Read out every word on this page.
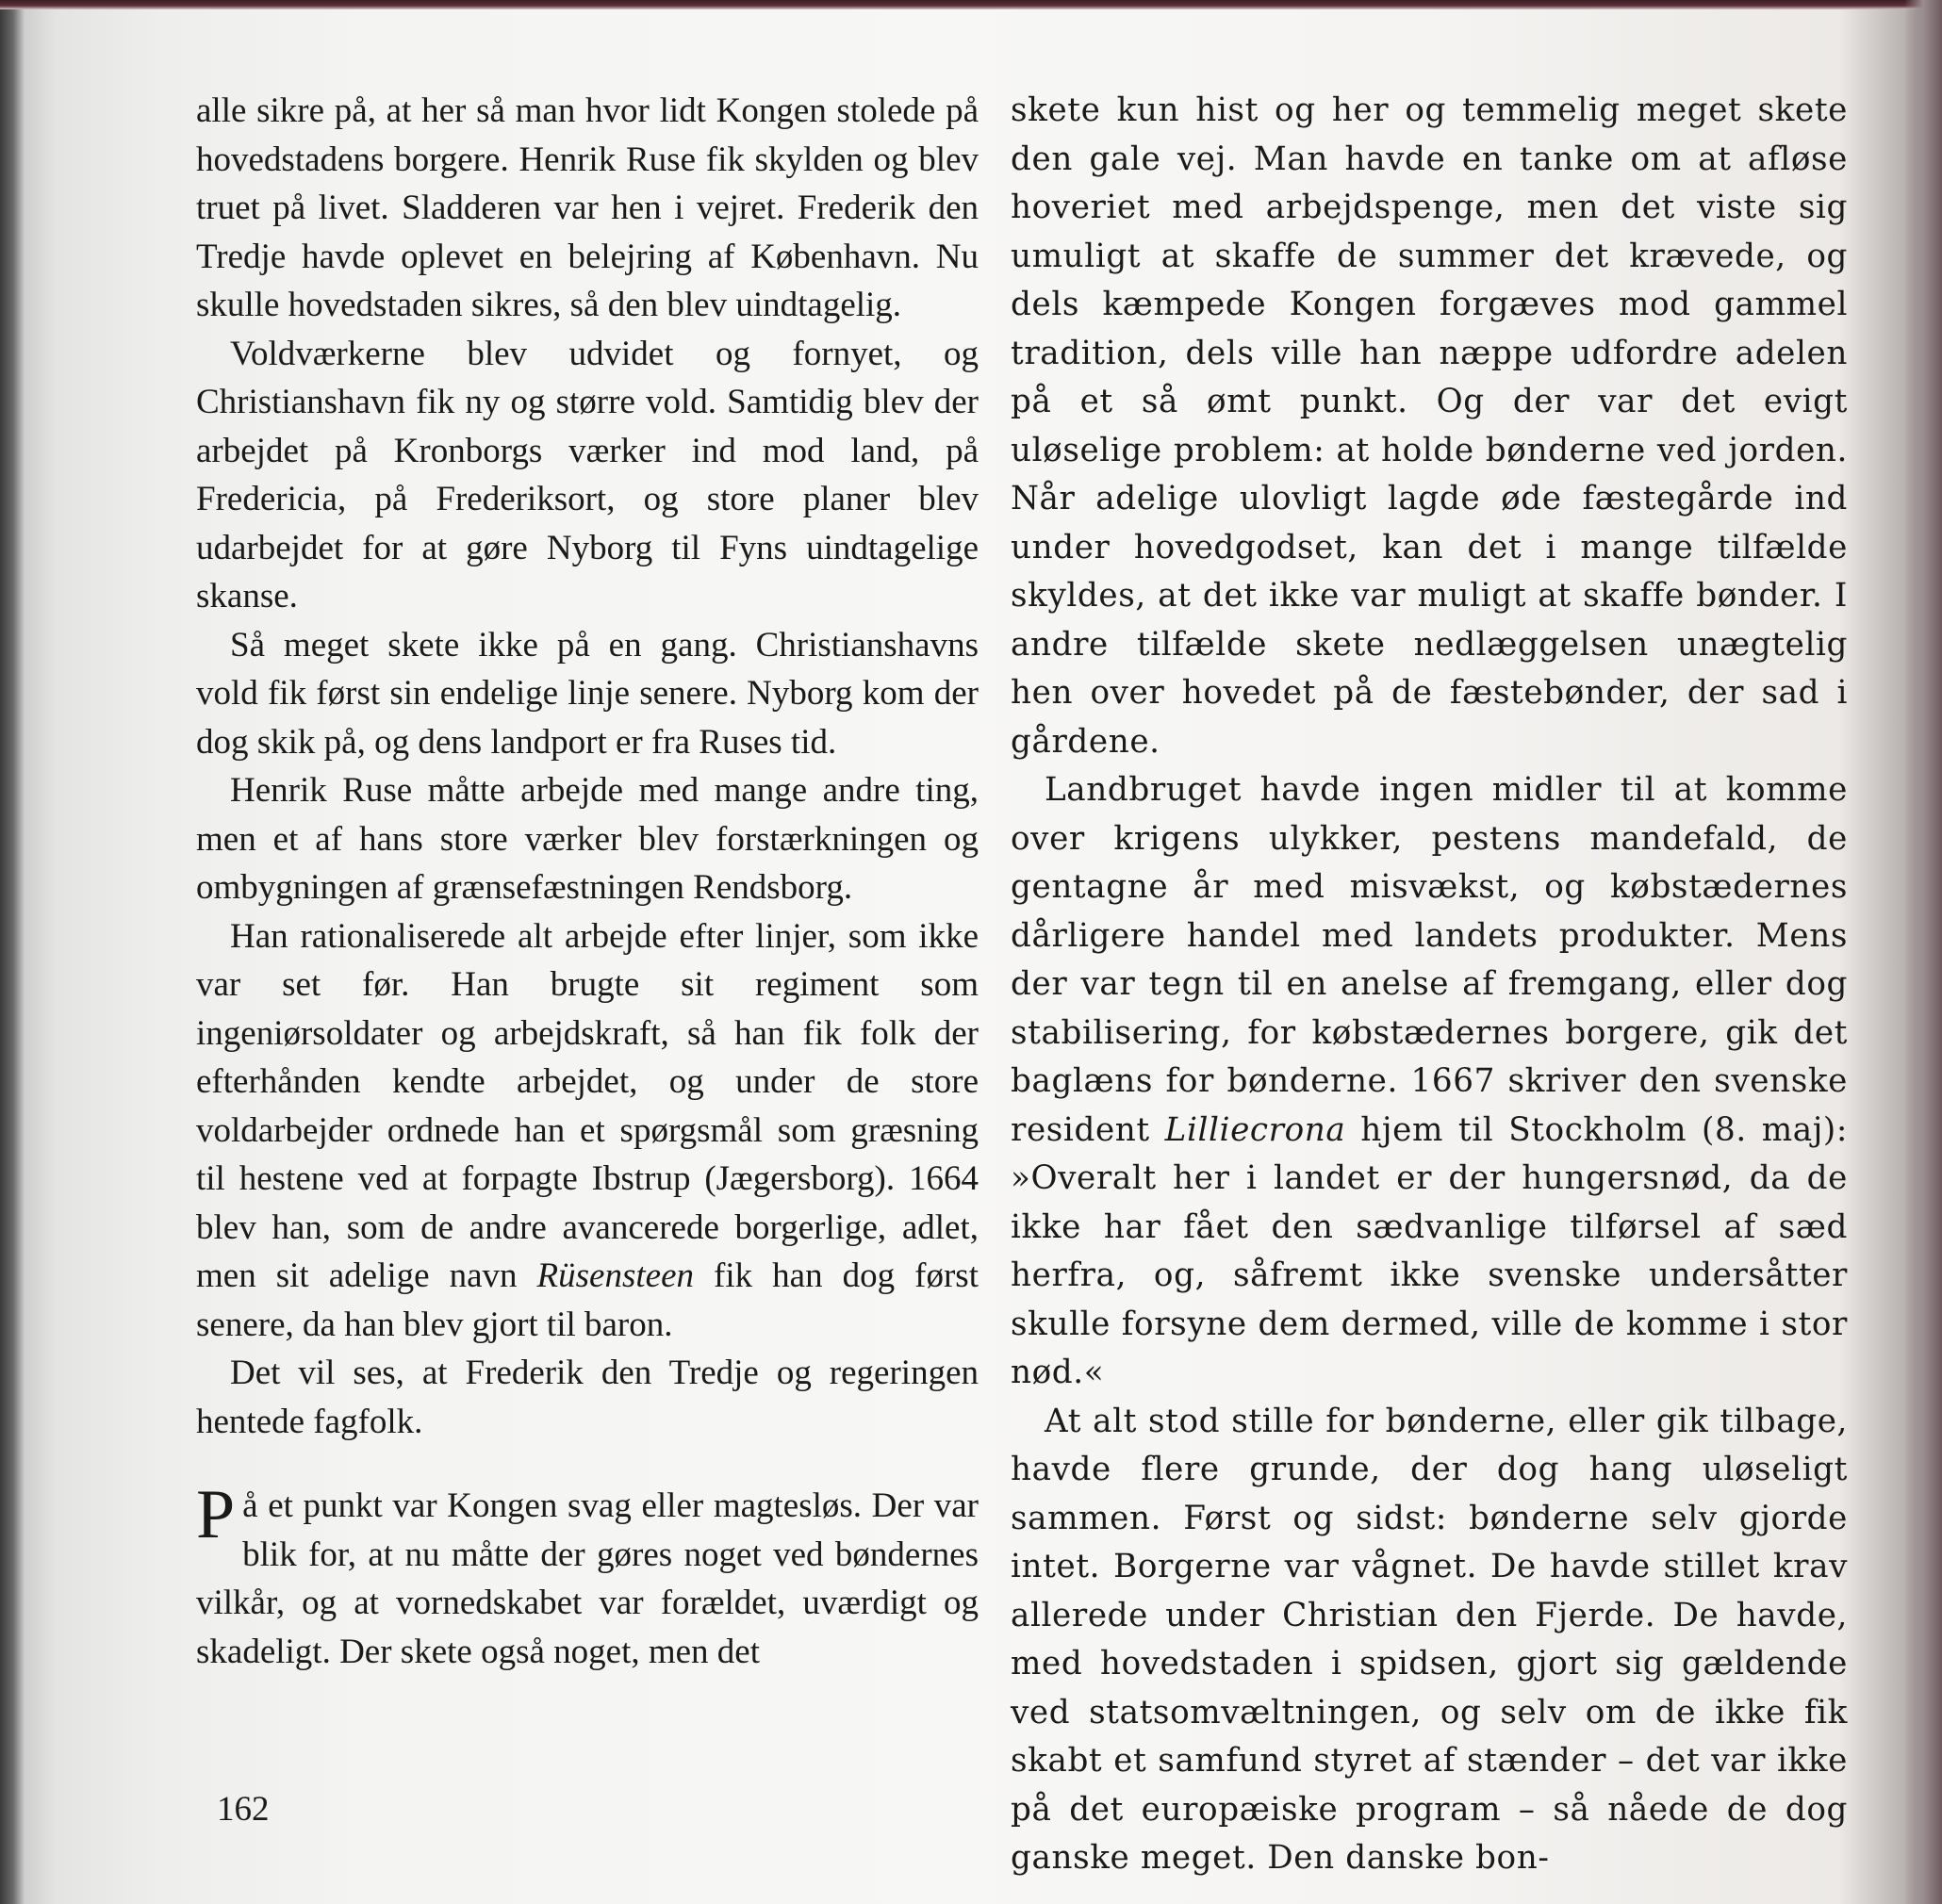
alle sikre på, at her så man hvor lidt Kongen stolede på hovedstadens borgere. Henrik Ruse fik skylden og blev truet på livet. Sladderen var hen i vejret. Frederik den Tredje havde oplevet en belejring af København. Nu skulle hovedstaden sikres, så den blev uindtagelig.

Voldværkerne blev udvidet og fornyet, og Christianshavn fik ny og større vold. Samtidig blev der arbejdet på Kronborgs værker ind mod land, på Fredericia, på Frederiksort, og store planer blev udarbejdet for at gøre Nyborg til Fyns uindtagelige skanse.

Så meget skete ikke på en gang. Christianshavns vold fik først sin endelige linje senere. Nyborg kom der dog skik på, og dens landport er fra Ruses tid.

Henrik Ruse måtte arbejde med mange andre ting, men et af hans store værker blev forstærkningen og ombygningen af grænsefæstningen Rendsborg.

Han rationaliserede alt arbejde efter linjer, som ikke var set før. Han brugte sit regiment som ingeniørsoldater og arbejdskraft, så han fik folk der efterhånden kendte arbejdet, og under de store voldarbejder ordnede han et spørgsmål som græsning til hestene ved at forpagte Ibstrup (Jægersborg). 1664 blev han, som de andre avancerede borgerlige, adlet, men sit adelige navn Rüsensteen fik han dog først senere, da han blev gjort til baron.

Det vil ses, at Frederik den Tredje og regeringen hentede fagfolk.

På et punkt var Kongen svag eller magtesløs. Der var blik for, at nu måtte der gøres noget ved bøndernes vilkår, og at vornedskabet var forældet, uværdigt og skadeligt. Der skete også noget, men det

skete kun hist og her og temmelig meget skete den gale vej. Man havde en tanke om at afløse hoveriet med arbejdspenge, men det viste sig umuligt at skaffe de summer det krævede, og dels kæmpede Kongen forgæves mod gammel tradition, dels ville han næppe udfordre adelen på et så ømt punkt. Og der var det evigt uløselige problem: at holde bønderne ved jorden. Når adelige ulovligt lagde øde fæstegårde ind under hovedgodset, kan det i mange tilfælde skyldes, at det ikke var muligt at skaffe bønder. I andre tilfælde skete nedlæggelsen unægtelig hen over hovedet på de fæstebønder, der sad i gårdene.

Landbruget havde ingen midler til at komme over krigens ulykker, pestens mandefald, de gentagne år med misvækst, og købstædernes dårligere handel med landets produkter. Mens der var tegn til en anelse af fremgang, eller dog stabilisering, for købstædernes borgere, gik det baglæns for bønderne. 1667 skriver den svenske resident Lilliecrona hjem til Stockholm (8. maj): »Overalt her i landet er der hungersnød, da de ikke har fået den sædvanlige tilførsel af sæd herfra, og, såfremt ikke svenske undersåtter skulle forsyne dem dermed, ville de komme i stor nød.«

At alt stod stille for bønderne, eller gik tilbage, havde flere grunde, der dog hang uløseligt sammen. Først og sidst: bønderne selv gjorde intet. Borgerne var vågnet. De havde stillet krav allerede under Christian den Fjerde. De havde, med hovedstaden i spidsen, gjort sig gældende ved statsomvæltningen, og selv om de ikke fik skabt et samfund styret af stænder – det var ikke på det europæiske program – så nåede de dog ganske meget. Den danske bon-

162
